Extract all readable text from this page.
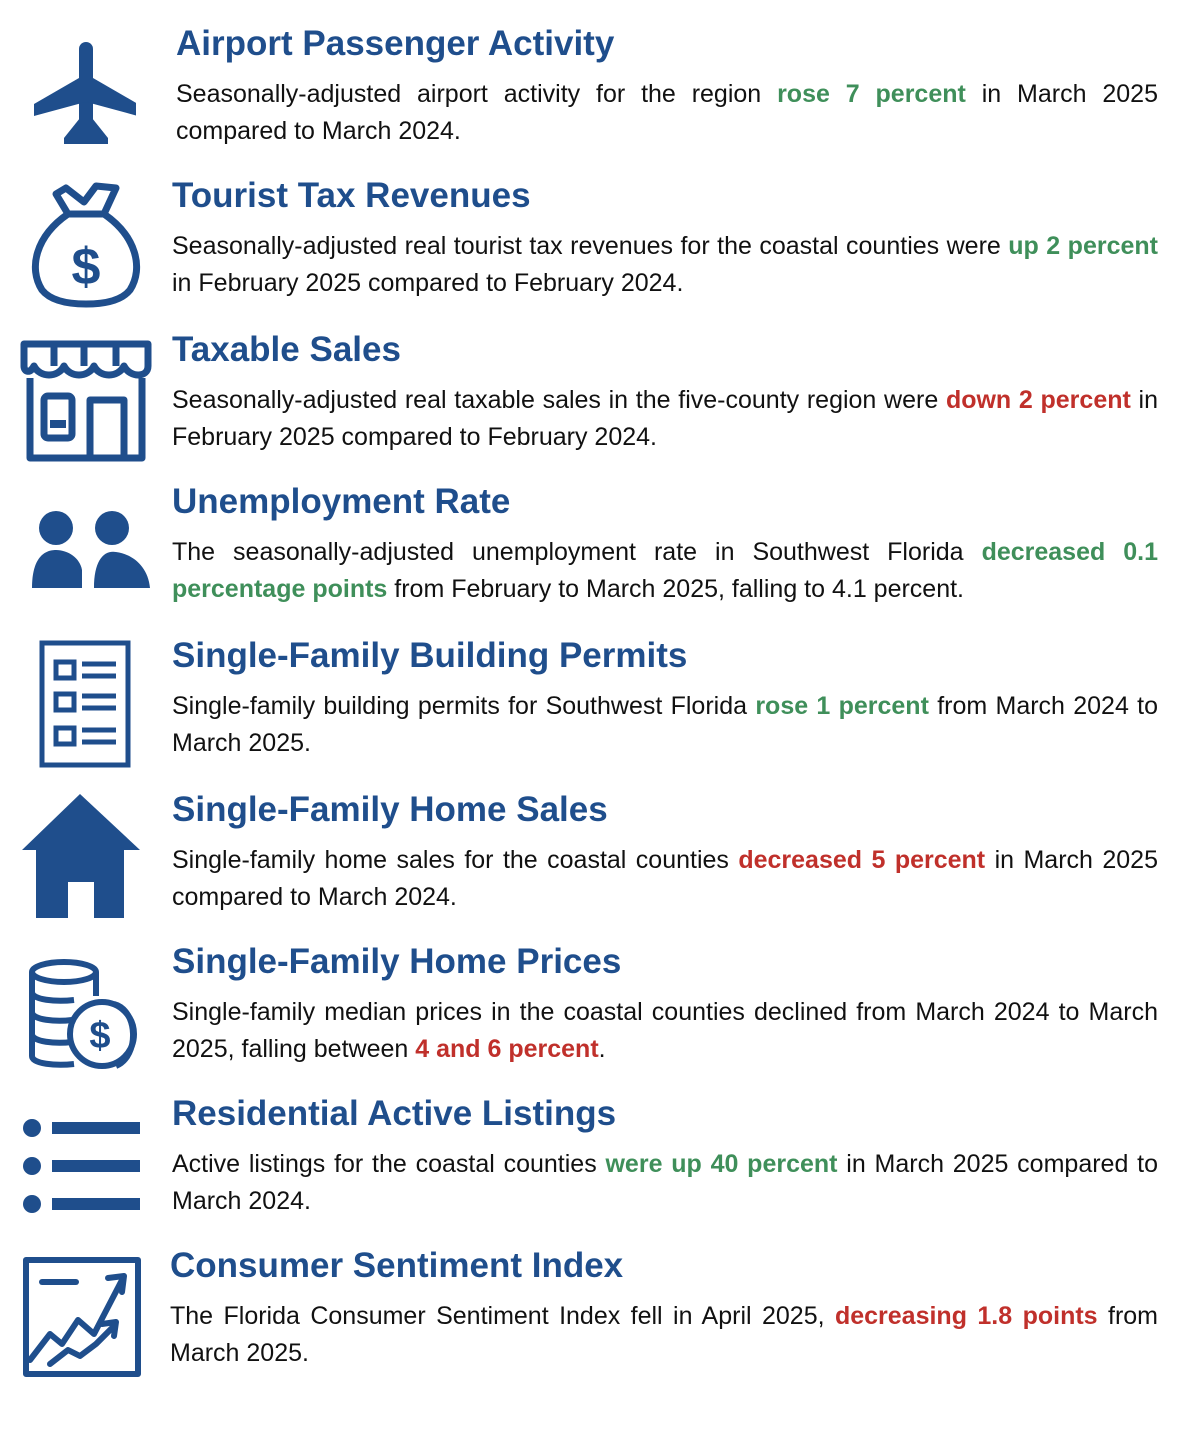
Airport Passenger Activity

Seasonally-adjusted airport activity for the region rose 7 percent in March 2025 compared to March 2024.

$
Tourist Tax Revenues

Seasonally-adjusted real tourist tax revenues for the coastal counties were up 2 percent in February 2025 compared to February 2024.

Taxable Sales

Seasonally-adjusted real taxable sales in the five-county region were down 2 percent in February 2025 compared to February 2024.

Unemployment Rate

The seasonally-adjusted unemployment rate in Southwest Florida decreased 0.1 percentage points from February to March 2025, falling to 4.1 percent.

Single-Family Building Permits

Single-family building permits for Southwest Florida rose 1 percent from March 2024 to March 2025.

Single-Family Home Sales

Single-family home sales for the coastal counties decreased 5 percent in March 2025 compared to March 2024.

$
Single-Family Home Prices

Single-family median prices in the coastal counties declined from March 2024 to March 2025, falling between 4 and 6 percent.

Residential Active Listings

Active listings for the coastal counties were up 40 percent in March 2025 compared to March 2024.

Consumer Sentiment Index

The Florida Consumer Sentiment Index fell in April 2025, decreasing 1.8 points from March 2025.
